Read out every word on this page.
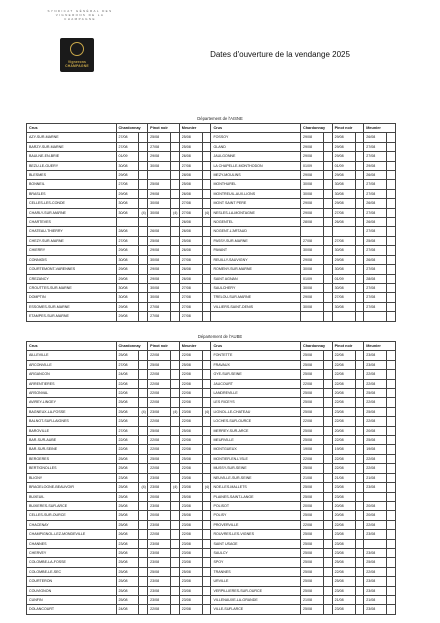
SYNDICAT GÉNÉRAL DES VIGNERONS DE LA CHAMPAGNE
Vignerons CHAMPAGNE
Dates d'ouverture de la vendange 2025
Département de l'AISNE
Crus	Chardonnay		Pinot noir		Meunier		Crus	Chardonnay		Pinot noir		Meunier	
AZY-SUR-MARNE	27/08		25/08		25/08		FOSSOY	29/08		29/08		26/08	
BARZY-SUR-MARNE	27/08		27/08		25/08		GLAND	29/08		29/08		27/08	
BAULNE-EN-BRIE	01/09		29/08		26/08		JAULGONNE	29/08		29/08		27/08	
BEZU-LE-GUERY	30/08		30/08		27/08		LA CHAPELLE-MONTHODON	01/09		01/09		29/08	
BLESMES	29/08				28/08		MEZY-MOULINS	29/08		29/08		26/08	
BONNEIL	27/08		25/08		25/08		MONTHUREL	30/08		30/08		27/08	
BRASLES	29/08		29/08		26/08		MONTREUIL-AUX-LIONS	30/08		30/08		27/08	
CELLES-LES-CONDE	30/08		30/08		27/08		MONT SAINT PERE	29/08		29/08		26/08	
CHARLY-SUR-MARNE	30/08	(4)	30/08	(4)	27/08	(4)	NESLES-LA-MONTAGNE	29/08		27/08		27/08	
CHARTEVES					26/08		NOGENTEL	28/08		26/08		26/08	
CHATEAU-THIERRY	28/08		26/08		26/08		NOGENT-L'ARTAUD					27/08	
CHEZY-SUR-MARNE	27/08		25/08		25/08		PASSY-SUR-MARNE	27/08		27/08		25/08	
CHIERRY	29/08		29/08		26/08		PAVANT	30/08		30/08		27/08	
CONNIGIS	30/08		30/08		27/08		REUILLY-SAUVIGNY	29/08		29/08		26/08	
COURTEMONT-VARENNES	29/08		29/08		26/08		ROMENY-SUR-MARNE	30/08		30/08		27/08	
CREZANCY	29/08		29/08		26/08		SAINT AGNAN	01/09		01/09		28/08	
CROUTTES-SUR-MARNE	30/08		30/08		27/08		SAULCHERY	30/08		30/08		27/08	
DOMPTIN	30/08		30/08		27/08		TRELOU-SUR-MARNE	29/08		27/08		27/08	
ESSOMES-SUR-MARNE	29/08		27/08		27/08		VILLIERS-SAINT-DENIS	30/08		30/08		27/08	
ETAMPES-SUR-MARNE	29/08		27/08		27/08								
Département de l'AUBE
Crus	Chardonnay		Pinot noir		Meunier		Crus	Chardonnay		Pinot noir		Meunier	
AILLEVILLE	25/08		22/08		22/08		FONTETTE	25/08		22/08		23/08	
ARCONVILLE	27/08		25/08		25/08		FRAVAUX	25/08		22/08		23/08	
ARGANCON	24/08		22/08		22/08		GYE-SUR-SEINE	25/08		22/08		22/08	
ARRENTIERES	22/08		22/08		22/08		JAUCOURT	22/08		22/08		22/08	
ARSONVAL	22/08		22/08		22/08		LANDREVILLE	25/08		20/08		25/08	
AVIREY-LINGEY	25/08		22/08		22/08		LES RICEYS	25/08		22/08		22/08	
BAGNEUX-LA-FOSSE	25/08	(4)	23/08	(4)	23/08	(4)	LIGNOL-LE-CHATEAU	25/08		23/08		25/08	
BALNOT-SUR-LAIGNES	23/08		22/08		22/08		LOCHES-SUR-OURCE	22/08		22/08		22/08	
BAROVILLE	27/08		25/08		25/08		MERREY-SUR-ARCE	25/08		20/08		20/08	
BAR-SUR-AUBE	22/08		22/08		22/08		MEURVILLE	25/08		22/08		25/08	
BAR-SUR-SEINE	22/08		22/08		22/08		MONTGUEUX	19/08		19/08		19/08	
BERGERES	25/08		25/08		25/08		MONTIER-EN-L'ISLE	22/08		22/08		22/08	
BERTIGNOLLES	25/08		22/08		22/08		MUSSY-SUR-SEINE	25/08		22/08		22/08	
BLIGNY	23/08		23/08		23/08		NEUVILLE-SUR-SEINE	21/08		21/08		21/08	
BRAGELOGNE-BEAUVOIR	25/08	(4)	23/08	(4)	23/08	(4)	NOE-LES-MALLETS	25/08		23/08		23/08	
BUXEUIL	25/08		20/08		25/08		PLAINES-SAINT-LANGE	25/08		23/08			
BUXIERES-SUR-ARCE	25/08		23/08		23/08		POLISOT	20/08		20/08		20/08	
CELLES-SUR-OURCE	25/08		20/08		25/08		POLISY	25/08		20/08		20/08	
CHACENAY	25/08		23/08		23/08		PROVERVILLE	22/08		22/08		22/08	
CHAMPIGNOL-LEZ-MONDEVILLE	26/08		22/08		22/08		ROUVRES-LES-VIGNES	25/08		23/08		23/08	
CHANNES	23/08		23/08		23/08		SAINT USAGE	25/08		23/08			
CHERVEY	25/08		23/08		23/08		SAULCY	25/08		23/08		23/08	
COLOMBE-LA-FOSSE	25/08		23/08		23/08		SPOY	25/08		25/08		25/08	
COLOMBE-LE-SEC	25/08		25/08		25/08		TRANNES	25/08		22/08		22/08	
COURTERON	25/08		23/08		23/08		URVILLE	25/08		25/08		23/08	
COUVIGNON	25/08		23/08		23/08		VERPILLIERES-SUR-OURCE	25/08		23/08		23/08	
CUNFIN	25/08		23/08		23/08		VILLENAUXE-LA-GRANDE	21/08		21/08		21/08	
DOLANCOURT	24/08		22/08		22/08		VILLE-SUR-ARCE	25/08		23/08		23/08	
